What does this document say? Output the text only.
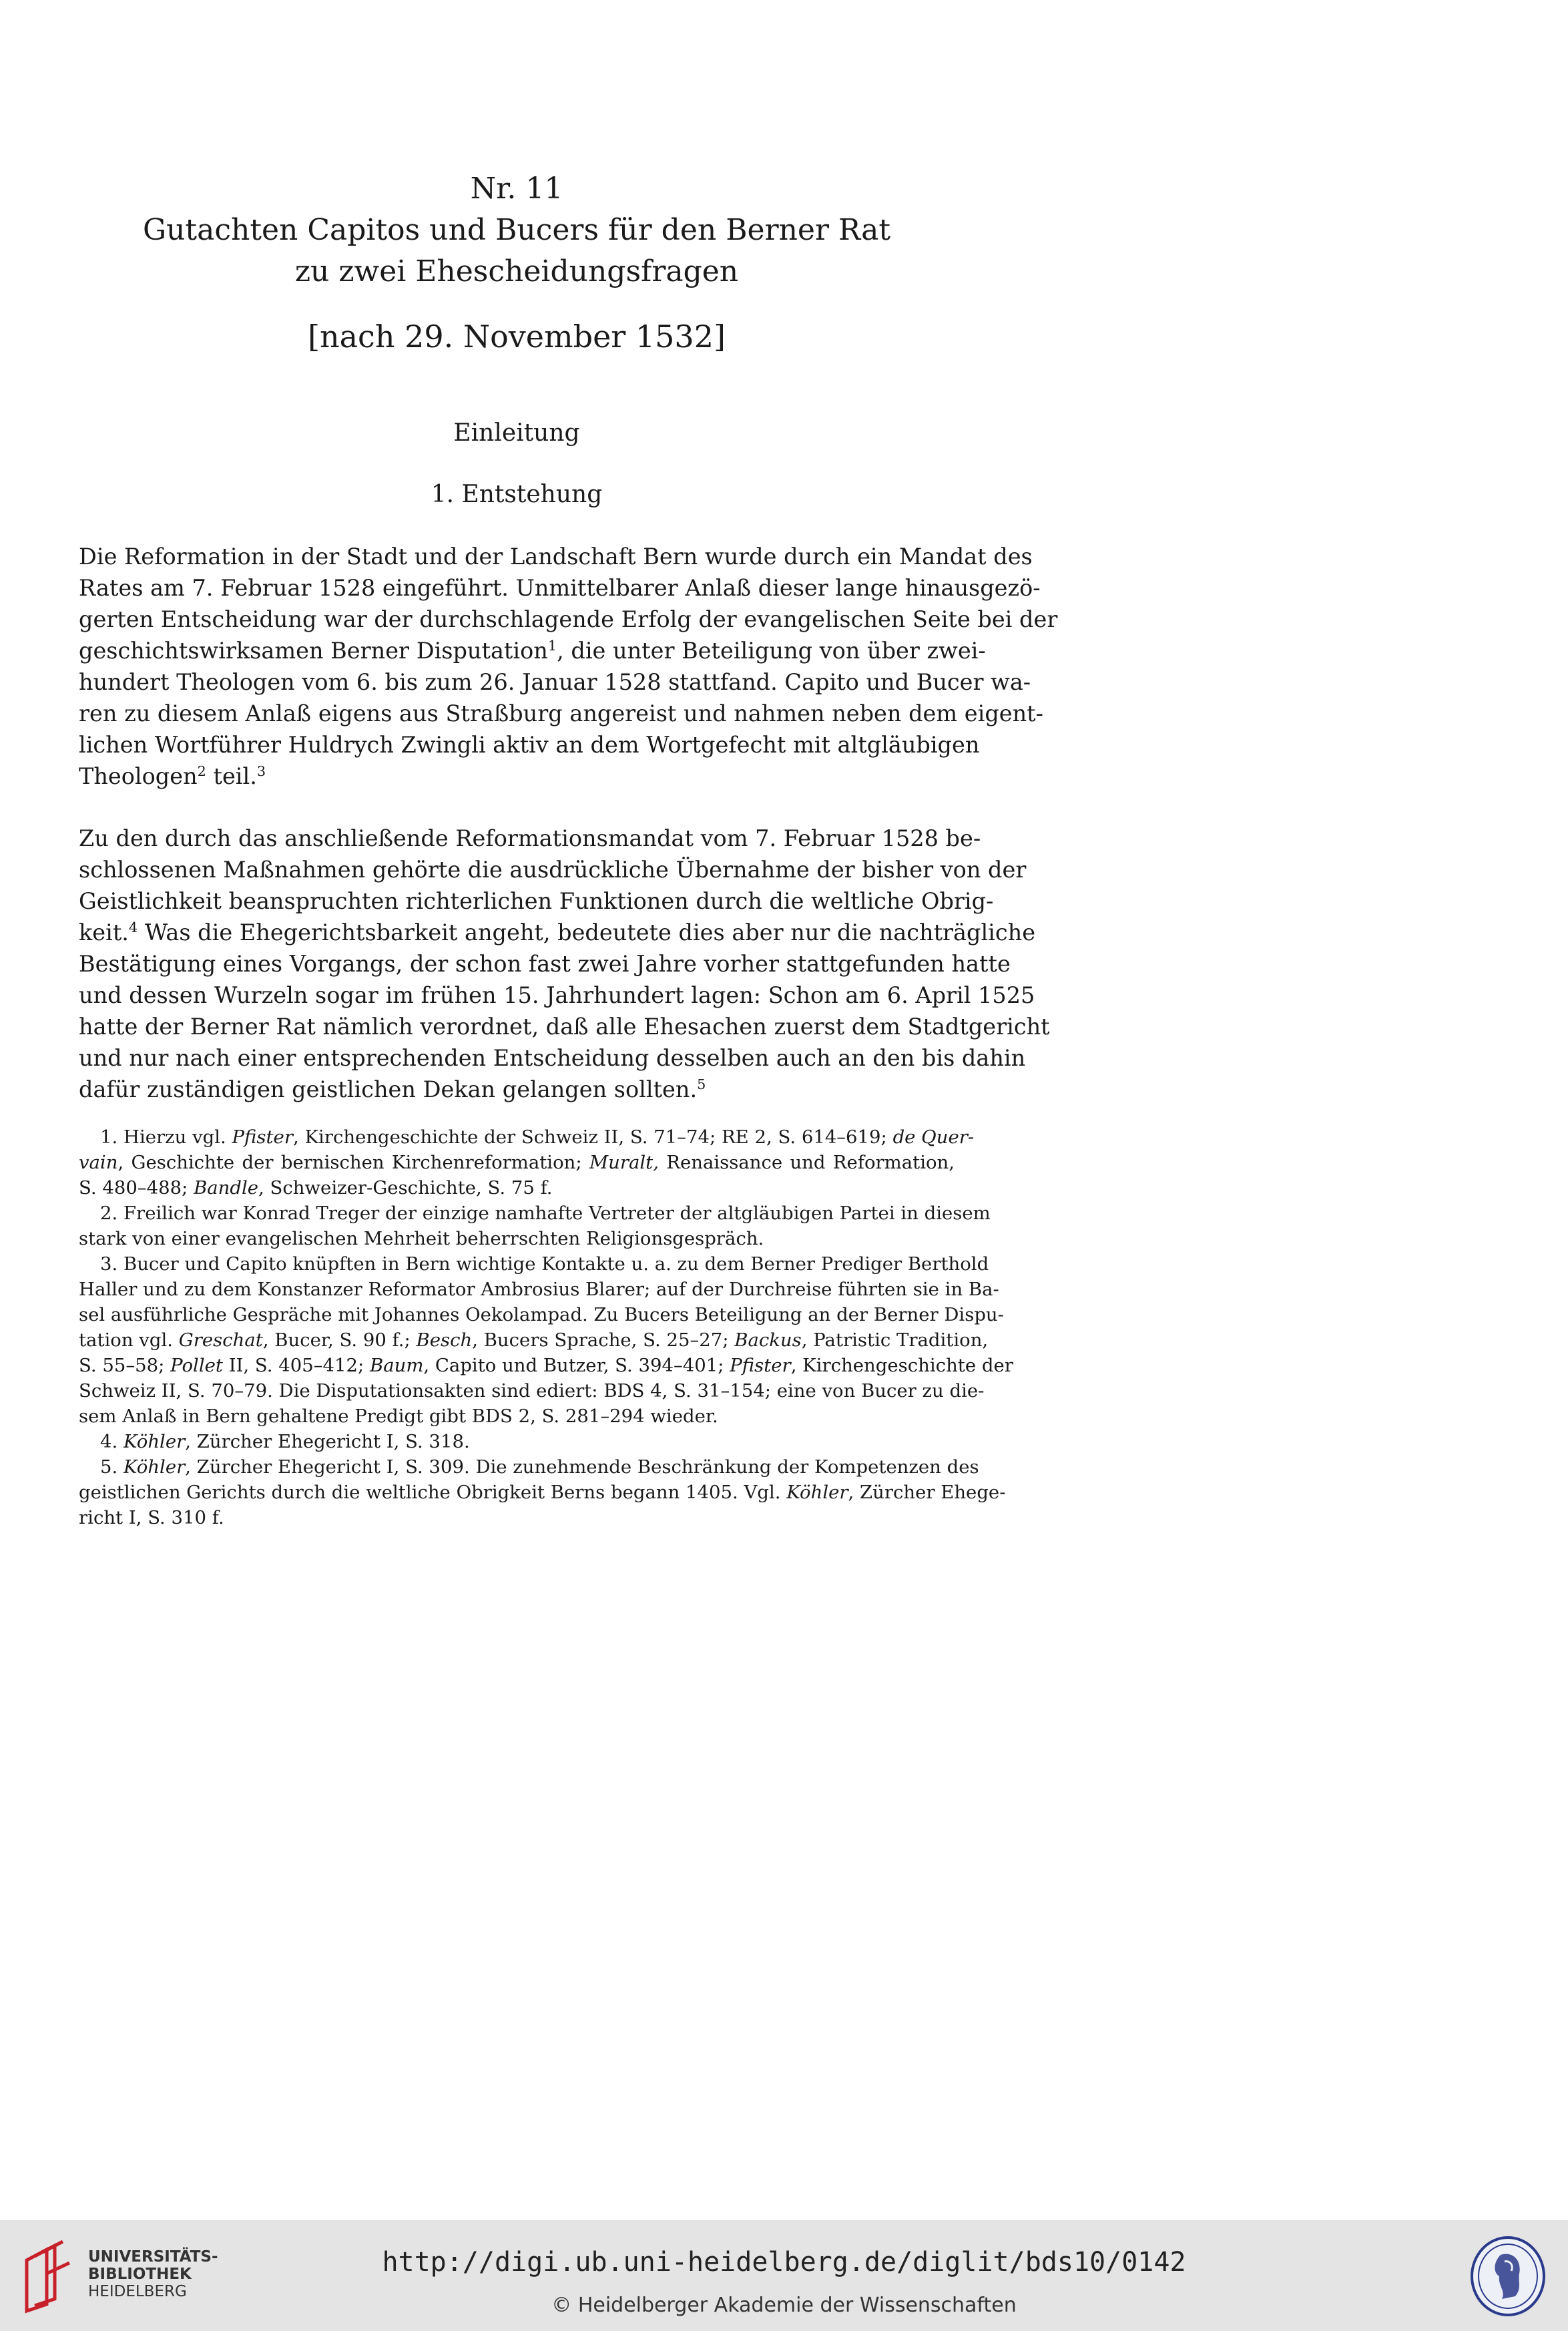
Nr. 11
Gutachten Capitos und Bucers für den Berner Rat
zu zwei Ehescheidungsfragen
[nach 29. November 1532]
Einleitung
1. Entstehung
Die Reformation in der Stadt und der Landschaft Bern wurde durch ein Mandat des
Rates am 7. Februar 1528 eingeführt. Unmittelbarer Anlaß dieser lange hinausgezö-
gerten Entscheidung war der durchschlagende Erfolg der evangelischen Seite bei der
geschichtswirksamen Berner Disputation$^1$, die unter Beteiligung von über zwei-
hundert Theologen vom 6. bis zum 26. Januar 1528 stattfand. Capito und Bucer wa-
ren zu diesem Anlaß eigens aus Straßburg angereist und nahmen neben dem eigent-
lichen Wortführer Huldrych Zwingli aktiv an dem Wortgefecht mit altgläubigen
Theologen$^2$ teil.$^3$
Zu den durch das anschließende Reformationsmandat vom 7. Februar 1528 be-
schlossenen Maßnahmen gehörte die ausdrückliche Übernahme der bisher von der
Geistlichkeit beanspruchten richterlichen Funktionen durch die weltliche Obrig-
keit.$^4$ Was die Ehegerichtsbarkeit angeht, bedeutete dies aber nur die nachträgliche
Bestätigung eines Vorgangs, der schon fast zwei Jahre vorher stattgefunden hatte
und dessen Wurzeln sogar im frühen 15. Jahrhundert lagen: Schon am 6. April 1525
hatte der Berner Rat nämlich verordnet, daß alle Ehesachen zuerst dem Stadtgericht
und nur nach einer entsprechenden Entscheidung desselben auch an den bis dahin
dafür zuständigen geistlichen Dekan gelangen sollten.$^5$
1. Hierzu vgl. Pfister, Kirchengeschichte der Schweiz II, S. 71–74; RE 2, S. 614–619; de Quer-
vain, Geschichte der bernischen Kirchenreformation; Muralt, Renaissance und Reformation,
S. 480–488; Bandle, Schweizer-Geschichte, S. 75 f.
2. Freilich war Konrad Treger der einzige namhafte Vertreter der altgläubigen Partei in diesem
stark von einer evangelischen Mehrheit beherrschten Religionsgespräch.
3. Bucer und Capito knüpften in Bern wichtige Kontakte u. a. zu dem Berner Prediger Berthold
Haller und zu dem Konstanzer Reformator Ambrosius Blarer; auf der Durchreise führten sie in Ba-
sel ausführliche Gespräche mit Johannes Oekolampad. Zu Bucers Beteiligung an der Berner Dispu-
tation vgl. Greschat, Bucer, S. 90 f.; Besch, Bucers Sprache, S. 25–27; Backus, Patristic Tradition,
S. 55–58; Pollet II, S. 405–412; Baum, Capito und Butzer, S. 394–401; Pfister, Kirchengeschichte der
Schweiz II, S. 70–79. Die Disputationsakten sind ediert: BDS 4, S. 31–154; eine von Bucer zu die-
sem Anlaß in Bern gehaltene Predigt gibt BDS 2, S. 281–294 wieder.
4. Köhler, Zürcher Ehegericht I, S. 318.
5. Köhler, Zürcher Ehegericht I, S. 309. Die zunehmende Beschränkung der Kompetenzen des
geistlichen Gerichts durch die weltliche Obrigkeit Berns begann 1405. Vgl. Köhler, Zürcher Ehege-
richt I, S. 310 f.
UNIVERSITÄTS-
BIBLIOTHEK
HEIDELBERG
http://digi.ub.uni-heidelberg.de/diglit/bds10/0142
© Heidelberger Akademie der Wissenschaften
